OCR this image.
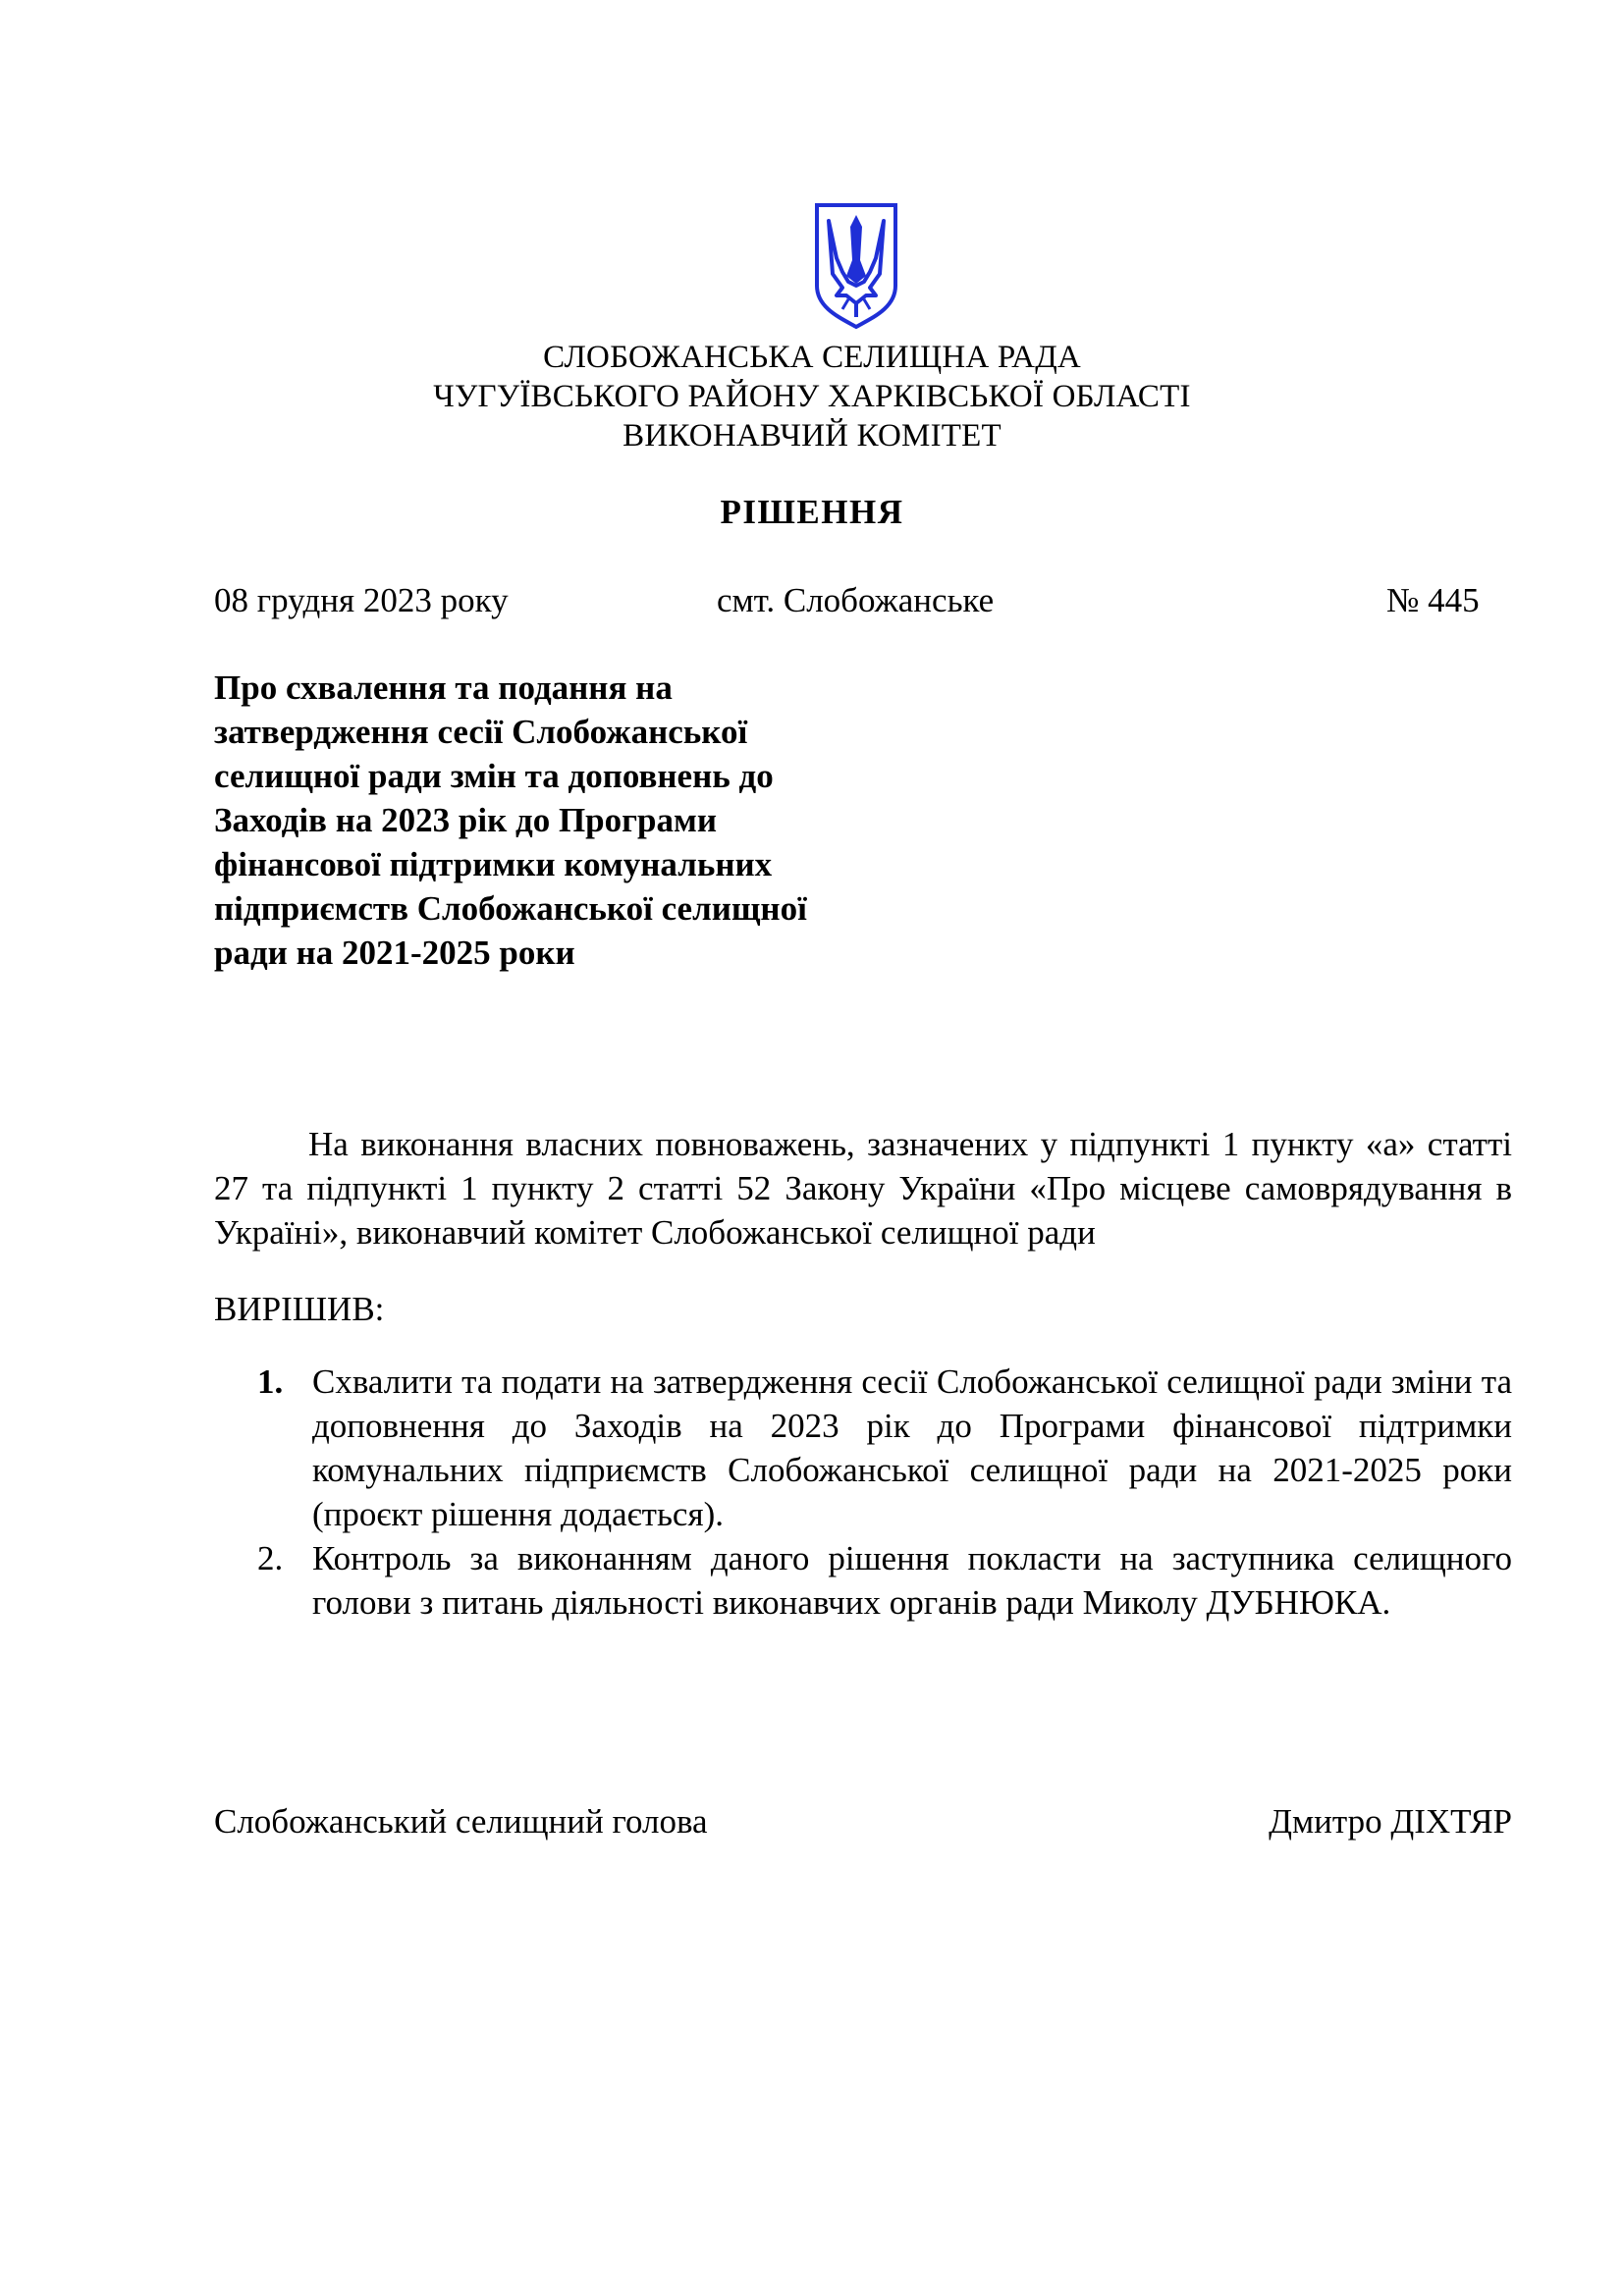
СЛОБОЖАНСЬКА СЕЛИЩНА РАДА
ЧУГУЇВСЬКОГО РАЙОНУ ХАРКІВСЬКОЇ ОБЛАСТІ
ВИКОНАВЧИЙ КОМІТЕТ
РІШЕННЯ
08 грудня 2023 року	смт. Слобожанське	№ 445
Про схвалення та подання на затвердження сесії Слобожанської селищної ради змін та доповнень до Заходів на 2023 рік до Програми фінансової підтримки комунальних підприємств Слобожанської селищної ради на 2021-2025 роки
На виконання власних повноважень, зазначених у підпункті 1 пункту «а» статті 27 та підпункті 1 пункту 2 статті 52 Закону України «Про місцеве самоврядування в Україні», виконавчий комітет Слобожанської селищної ради
ВИРІШИВ:
1. Схвалити та подати на затвердження сесії Слобожанської селищної ради зміни та доповнення до Заходів на 2023 рік до Програми фінансової підтримки комунальних підприємств Слобожанської селищної ради на 2021-2025 роки (проєкт рішення додається).
2. Контроль за виконанням даного рішення покласти на заступника селищного голови з питань діяльності виконавчих органів ради Миколу ДУБНЮКА.
Слобожанський селищний голова	Дмитро ДІХТЯР
